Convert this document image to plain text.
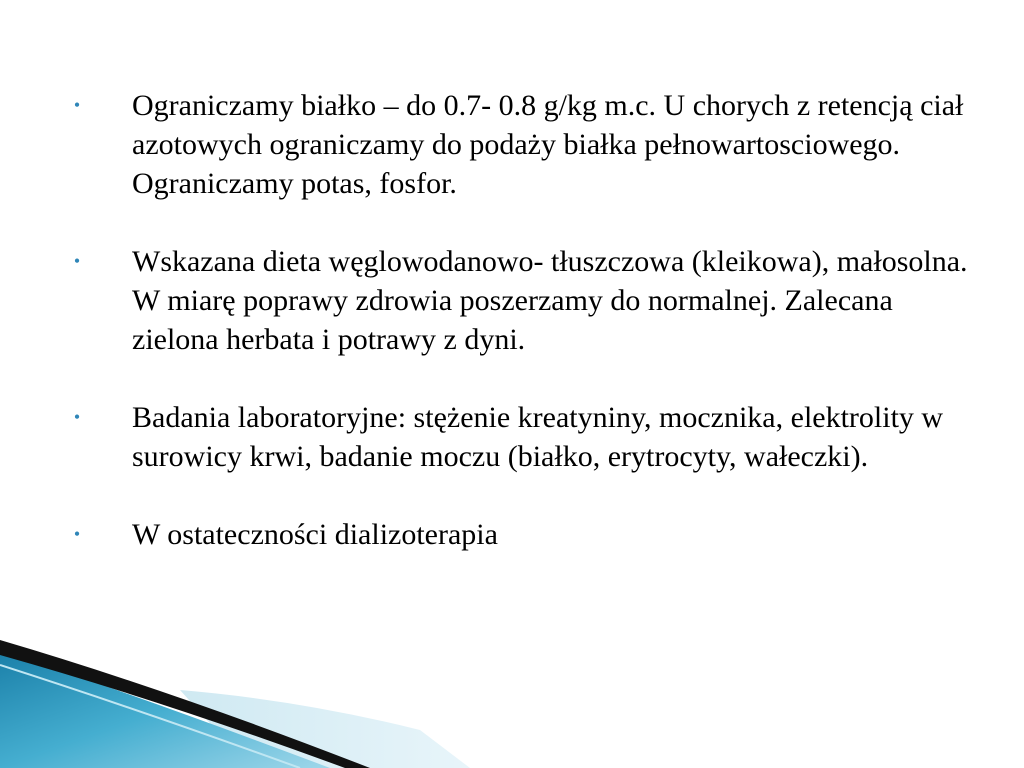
• Ograniczamy białko – do 0.7- 0.8 g/kg m.c. U chorych z retencją ciał azotowych ograniczamy do podaży białka pełnowartosciowego. Ograniczamy potas, fosfor.
• Wskazana dieta węglowodanowo- tłuszczowa (kleikowa), małosolna. W miarę poprawy zdrowia poszerzamy do normalnej. Zalecana zielona herbata i potrawy z dyni.
• Badania laboratoryjne: stężenie kreatyniny, mocznika, elektrolity w surowicy krwi, badanie moczu (białko, erytrocyty, wałeczki).
• W ostateczności dializoterapia
